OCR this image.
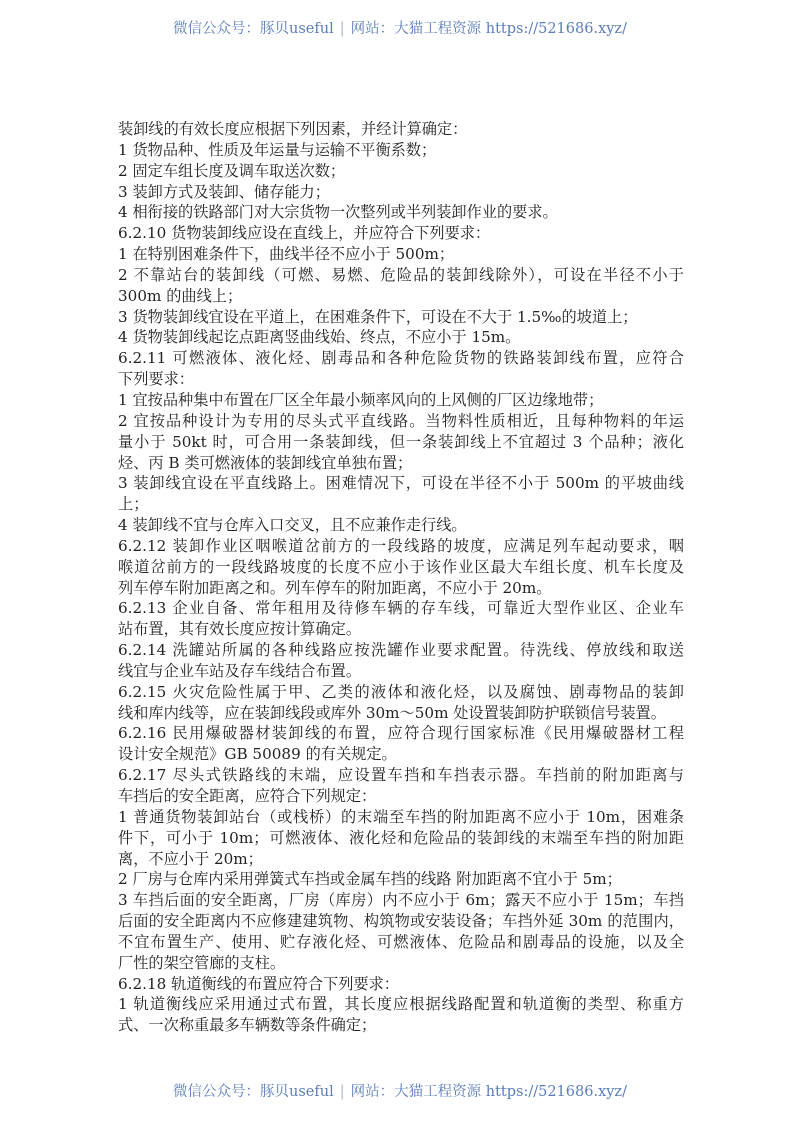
微信公众号：豚贝useful | 网站：大猫工程资源 https://521686.xyz/
装卸线的有效长度应根据下列因素，并经计算确定：
1 货物品种、性质及年运量与运输不平衡系数；
2 固定车组长度及调车取送次数；
3 装卸方式及装卸、储存能力；
4 相衔接的铁路部门对大宗货物一次整列或半列装卸作业的要求。
6.2.10 货物装卸线应设在直线上，并应符合下列要求：
1 在特别困难条件下，曲线半径不应小于 500m；
2 不靠站台的装卸线（可燃、易燃、危险品的装卸线除外），可设在半径不小于
300m 的曲线上；
3 货物装卸线宜设在平道上，在困难条件下，可设在不大于 1.5‰的坡道上；
4 货物装卸线起讫点距离竖曲线始、终点，不应小于 15m。
6.2.11 可燃液体、液化烃、剧毒品和各种危险货物的铁路装卸线布置，应符合
下列要求：
1 宜按品种集中布置在厂区全年最小频率风向的上风侧的厂区边缘地带；
2 宜按品种设计为专用的尽头式平直线路。当物料性质相近，且每种物料的年运
量小于 50kt 时，可合用一条装卸线，但一条装卸线上不宜超过 3 个品种；液化
烃、丙 B 类可燃液体的装卸线宜单独布置；
3 装卸线宜设在平直线路上。困难情况下，可设在半径不小于 500m 的平坡曲线
上；
4 装卸线不宜与仓库入口交叉，且不应兼作走行线。
6.2.12 装卸作业区咽喉道岔前方的一段线路的坡度，应满足列车起动要求，咽
喉道岔前方的一段线路坡度的长度不应小于该作业区最大车组长度、机车长度及
列车停车附加距离之和。列车停车的附加距离，不应小于 20m。
6.2.13 企业自备、常年租用及待修车辆的存车线，可靠近大型作业区、企业车
站布置，其有效长度应按计算确定。
6.2.14 洗罐站所属的各种线路应按洗罐作业要求配置。待洗线、停放线和取送
线宜与企业车站及存车线结合布置。
6.2.15 火灾危险性属于甲、乙类的液体和液化烃，以及腐蚀、剧毒物品的装卸
线和库内线等，应在装卸线段或库外 30m～50m 处设置装卸防护联锁信号装置。
6.2.16 民用爆破器材装卸线的布置，应符合现行国家标准《民用爆破器材工程
设计安全规范》GB 50089 的有关规定。
6.2.17 尽头式铁路线的末端，应设置车挡和车挡表示器。车挡前的附加距离与
车挡后的安全距离，应符合下列规定：
1 普通货物装卸站台（或栈桥）的末端至车挡的附加距离不应小于 10m，困难条
件下，可小于 10m；可燃液体、液化烃和危险品的装卸线的末端至车挡的附加距
离，不应小于 20m；
2 厂房与仓库内采用弹簧式车挡或金属车挡的线路 附加距离不宜小于 5m；
3 车挡后面的安全距离，厂房（库房）内不应小于 6m；露天不应小于 15m；车挡
后面的安全距离内不应修建建筑物、构筑物或安装设备；车挡外延 30m 的范围内，
不宜布置生产、使用、贮存液化烃、可燃液体、危险品和剧毒品的设施，以及全
厂性的架空管廊的支柱。
6.2.18 轨道衡线的布置应符合下列要求：
1 轨道衡线应采用通过式布置，其长度应根据线路配置和轨道衡的类型、称重方
式、一次称重最多车辆数等条件确定；
微信公众号：豚贝useful | 网站：大猫工程资源 https://521686.xyz/
